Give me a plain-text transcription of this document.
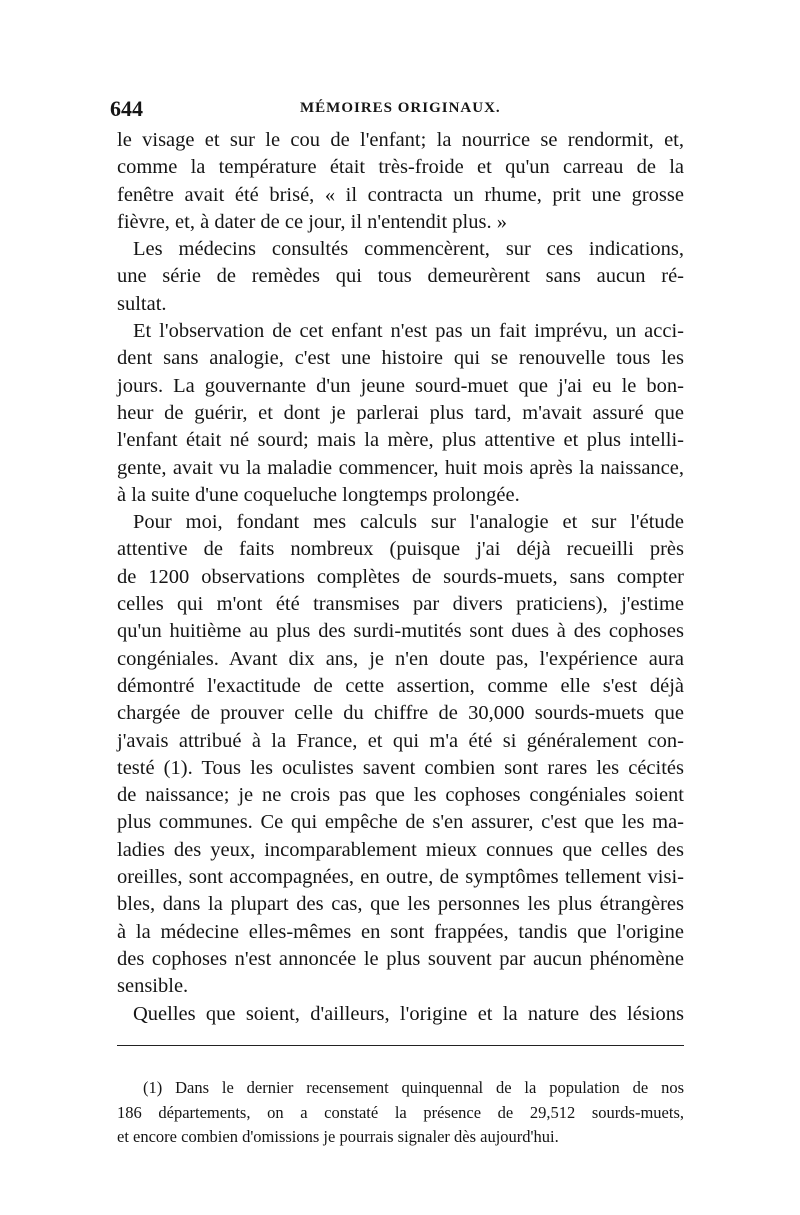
644	MÉMOIRES ORIGINAUX.
le visage et sur le cou de l'enfant; la nourrice se rendormit, et,
comme la température était très-froide et qu'un carreau de la
fenêtre avait été brisé, « il contracta un rhume, prit une grosse
fièvre, et, à dater de ce jour, il n'entendit plus. »
Les médecins consultés commencèrent, sur ces indications,
une série de remèdes qui tous demeurèrent sans aucun ré-
sultat.
Et l'observation de cet enfant n'est pas un fait imprévu, un acci-
dent sans analogie, c'est une histoire qui se renouvelle tous les
jours. La gouvernante d'un jeune sourd-muet que j'ai eu le bon-
heur de guérir, et dont je parlerai plus tard, m'avait assuré que
l'enfant était né sourd; mais la mère, plus attentive et plus intelli-
gente, avait vu la maladie commencer, huit mois après la naissance,
à la suite d'une coqueluche longtemps prolongée.
Pour moi, fondant mes calculs sur l'analogie et sur l'étude
attentive de faits nombreux (puisque j'ai déjà recueilli près
de 1200 observations complètes de sourds-muets, sans compter
celles qui m'ont été transmises par divers praticiens), j'estime
qu'un huitième au plus des surdi-mutités sont dues à des cophoses
congéniales. Avant dix ans, je n'en doute pas, l'expérience aura
démontré l'exactitude de cette assertion, comme elle s'est déjà
chargée de prouver celle du chiffre de 30,000 sourds-muets que
j'avais attribué à la France, et qui m'a été si généralement con-
testé (1). Tous les oculistes savent combien sont rares les cécités
de naissance; je ne crois pas que les cophoses congéniales soient
plus communes. Ce qui empêche de s'en assurer, c'est que les ma-
ladies des yeux, incomparablement mieux connues que celles des
oreilles, sont accompagnées, en outre, de symptômes tellement visi-
bles, dans la plupart des cas, que les personnes les plus étrangères
à la médecine elles-mêmes en sont frappées, tandis que l'origine
des cophoses n'est annoncée le plus souvent par aucun phénomène
sensible.
Quelles que soient, d'ailleurs, l'origine et la nature des lésions
(1) Dans le dernier recensement quinquennal de la population de nos
186 départements, on a constaté la présence de 29,512 sourds-muets,
et encore combien d'omissions je pourrais signaler dès aujourd'hui.
